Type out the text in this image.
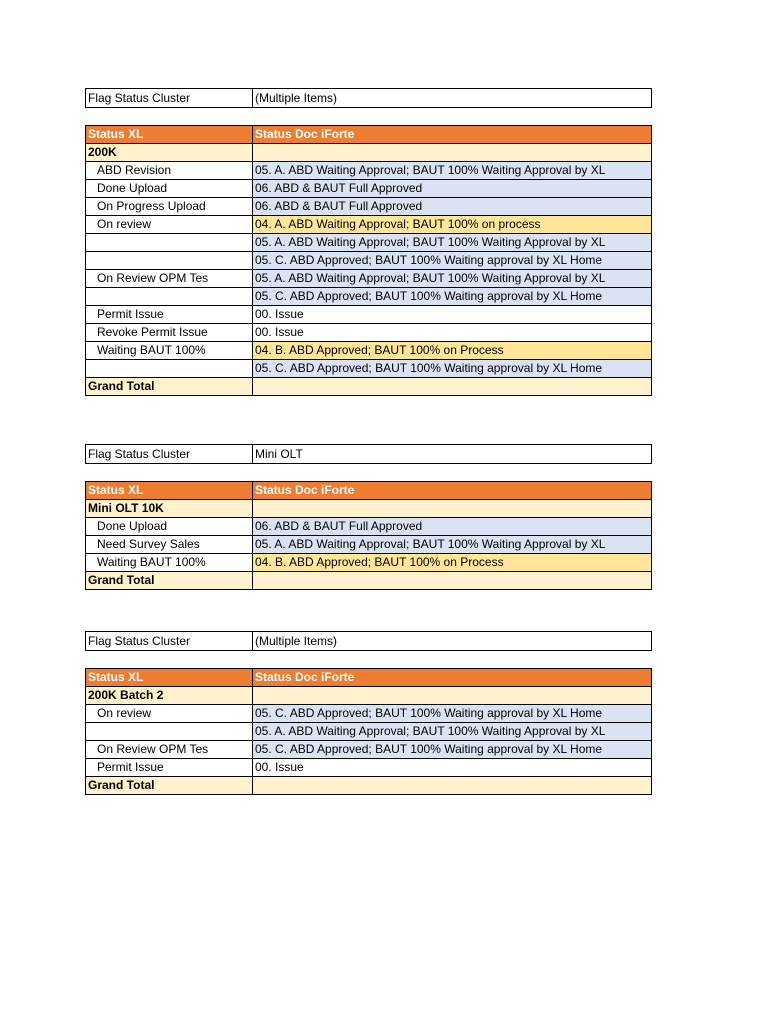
Flag Status Cluster	(Multiple Items)
Status XL	Status Doc iForte
200K	
ABD Revision	05. A. ABD Waiting Approval; BAUT 100% Waiting Approval by XL
Done Upload	06. ABD & BAUT Full Approved
On Progress Upload	06. ABD & BAUT Full Approved
On review	04. A. ABD Waiting Approval; BAUT 100% on process
	05. A. ABD Waiting Approval; BAUT 100% Waiting Approval by XL
	05. C. ABD Approved; BAUT 100% Waiting approval by XL Home
On Review OPM Tes	05. A. ABD Waiting Approval; BAUT 100% Waiting Approval by XL
	05. C. ABD Approved; BAUT 100% Waiting approval by XL Home
Permit Issue	00. Issue
Revoke Permit Issue	00. Issue
Waiting BAUT 100%	04. B. ABD Approved; BAUT 100% on Process
	05. C. ABD Approved; BAUT 100% Waiting approval by XL Home
Grand Total	
Flag Status Cluster	Mini OLT
Status XL	Status Doc iForte
Mini OLT 10K	
Done Upload	06. ABD & BAUT Full Approved
Need Survey Sales	05. A. ABD Waiting Approval; BAUT 100% Waiting Approval by XL
Waiting BAUT 100%	04. B. ABD Approved; BAUT 100% on Process
Grand Total	
Flag Status Cluster	(Multiple Items)
Status XL	Status Doc iForte
200K Batch 2	
On review	05. C. ABD Approved; BAUT 100% Waiting approval by XL Home
	05. A. ABD Waiting Approval; BAUT 100% Waiting Approval by XL
On Review OPM Tes	05. C. ABD Approved; BAUT 100% Waiting approval by XL Home
Permit Issue	00. Issue
Grand Total	
